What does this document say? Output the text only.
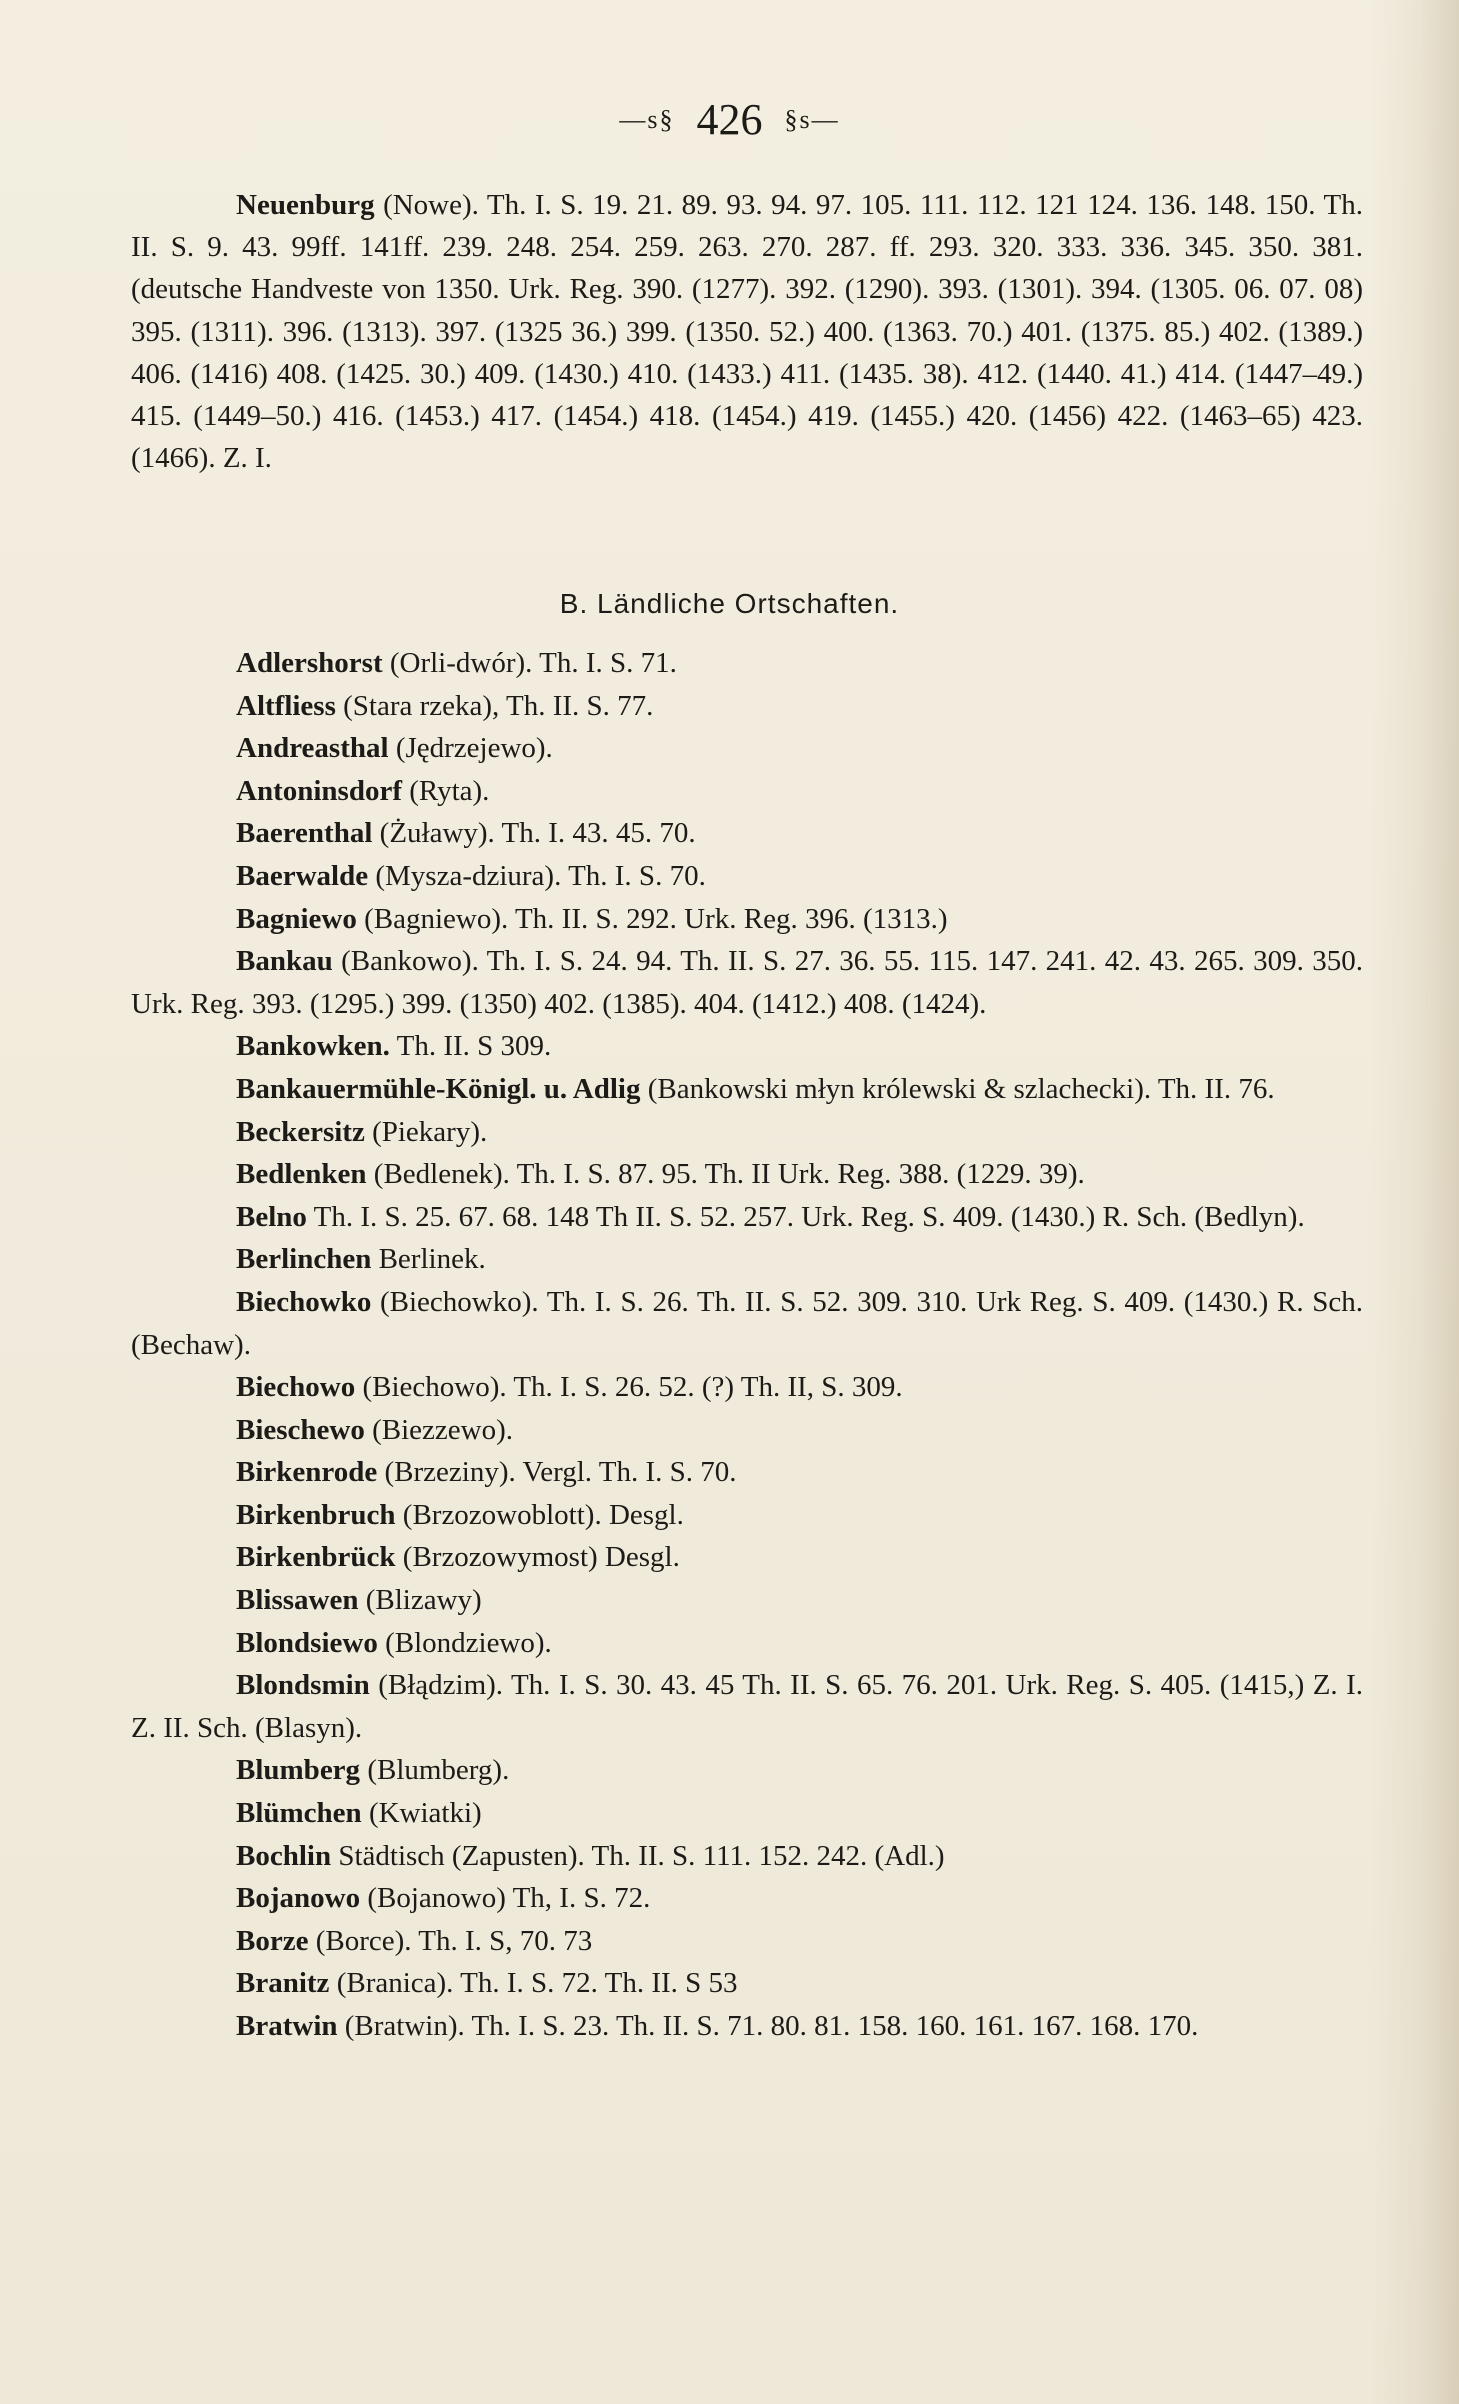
—s§ 426 §s—

Neuenburg (Nowe). Th. I. S. 19. 21. 89. 93. 94. 97. 105. 111. 112. 121 124. 136. 148. 150. Th. II. S. 9. 43. 99ff. 141ff. 239. 248. 254. 259. 263. 270. 287. ff. 293. 320. 333. 336. 345. 350. 381. (deutsche Handveste von 1350. Urk. Reg. 390. (1277). 392. (1290). 393. (1301). 394. (1305. 06. 07. 08) 395. (1311). 396. (1313). 397. (1325 36.) 399. (1350. 52.) 400. (1363. 70.) 401. (1375. 85.) 402. (1389.) 406. (1416) 408. (1425. 30.) 409. (1430.) 410. (1433.) 411. (1435. 38). 412. (1440. 41.) 414. (1447–49.) 415. (1449–50.) 416. (1453.) 417. (1454.) 418. (1454.) 419. (1455.) 420. (1456) 422. (1463–65) 423. (1466). Z. I.

B. Ländliche Ortschaften.

Adlershorst (Orli-dwór). Th. I. S. 71.

Altfliess (Stara rzeka), Th. II. S. 77.

Andreasthal (Jędrzejewo).

Antoninsdorf (Ryta).

Baerenthal (Żuławy). Th. I. 43. 45. 70.

Baerwalde (Mysza-dziura). Th. I. S. 70.

Bagniewo (Bagniewo). Th. II. S. 292. Urk. Reg. 396. (1313.)

Bankau (Bankowo). Th. I. S. 24. 94. Th. II. S. 27. 36. 55. 115. 147. 241. 42. 43. 265. 309. 350. Urk. Reg. 393. (1295.) 399. (1350) 402. (1385). 404. (1412.) 408. (1424).

Bankowken. Th. II. S 309.

Bankauermühle-Königl. u. Adlig (Bankowski młyn królewski & szlachecki). Th. II. 76.

Beckersitz (Piekary).

Bedlenken (Bedlenek). Th. I. S. 87. 95. Th. II Urk. Reg. 388. (1229. 39).

Belno Th. I. S. 25. 67. 68. 148 Th II. S. 52. 257. Urk. Reg. S. 409. (1430.) R. Sch. (Bedlyn).

Berlinchen Berlinek.

Biechowko (Biechowko). Th. I. S. 26. Th. II. S. 52. 309. 310. Urk Reg. S. 409. (1430.) R. Sch. (Bechaw).

Biechowo (Biechowo). Th. I. S. 26. 52. (?) Th. II, S. 309.

Bieschewo (Biezzewo).

Birkenrode (Brzeziny). Vergl. Th. I. S. 70.

Birkenbruch (Brzozowoblott). Desgl.

Birkenbrück (Brzozowymost) Desgl.

Blissawen (Blizawy)

Blondsiewo (Blondziewo).

Blondsmin (Błądzim). Th. I. S. 30. 43. 45 Th. II. S. 65. 76. 201. Urk. Reg. S. 405. (1415,) Z. I. Z. II. Sch. (Blasyn).

Blumberg (Blumberg).

Blümchen (Kwiatki)

Bochlin Städtisch (Zapusten). Th. II. S. 111. 152. 242. (Adl.)

Bojanowo (Bojanowo) Th, I. S. 72.

Borze (Borce). Th. I. S, 70. 73

Branitz (Branica). Th. I. S. 72. Th. II. S 53

Bratwin (Bratwin). Th. I. S. 23. Th. II. S. 71. 80. 81. 158. 160. 161. 167. 168. 170.
